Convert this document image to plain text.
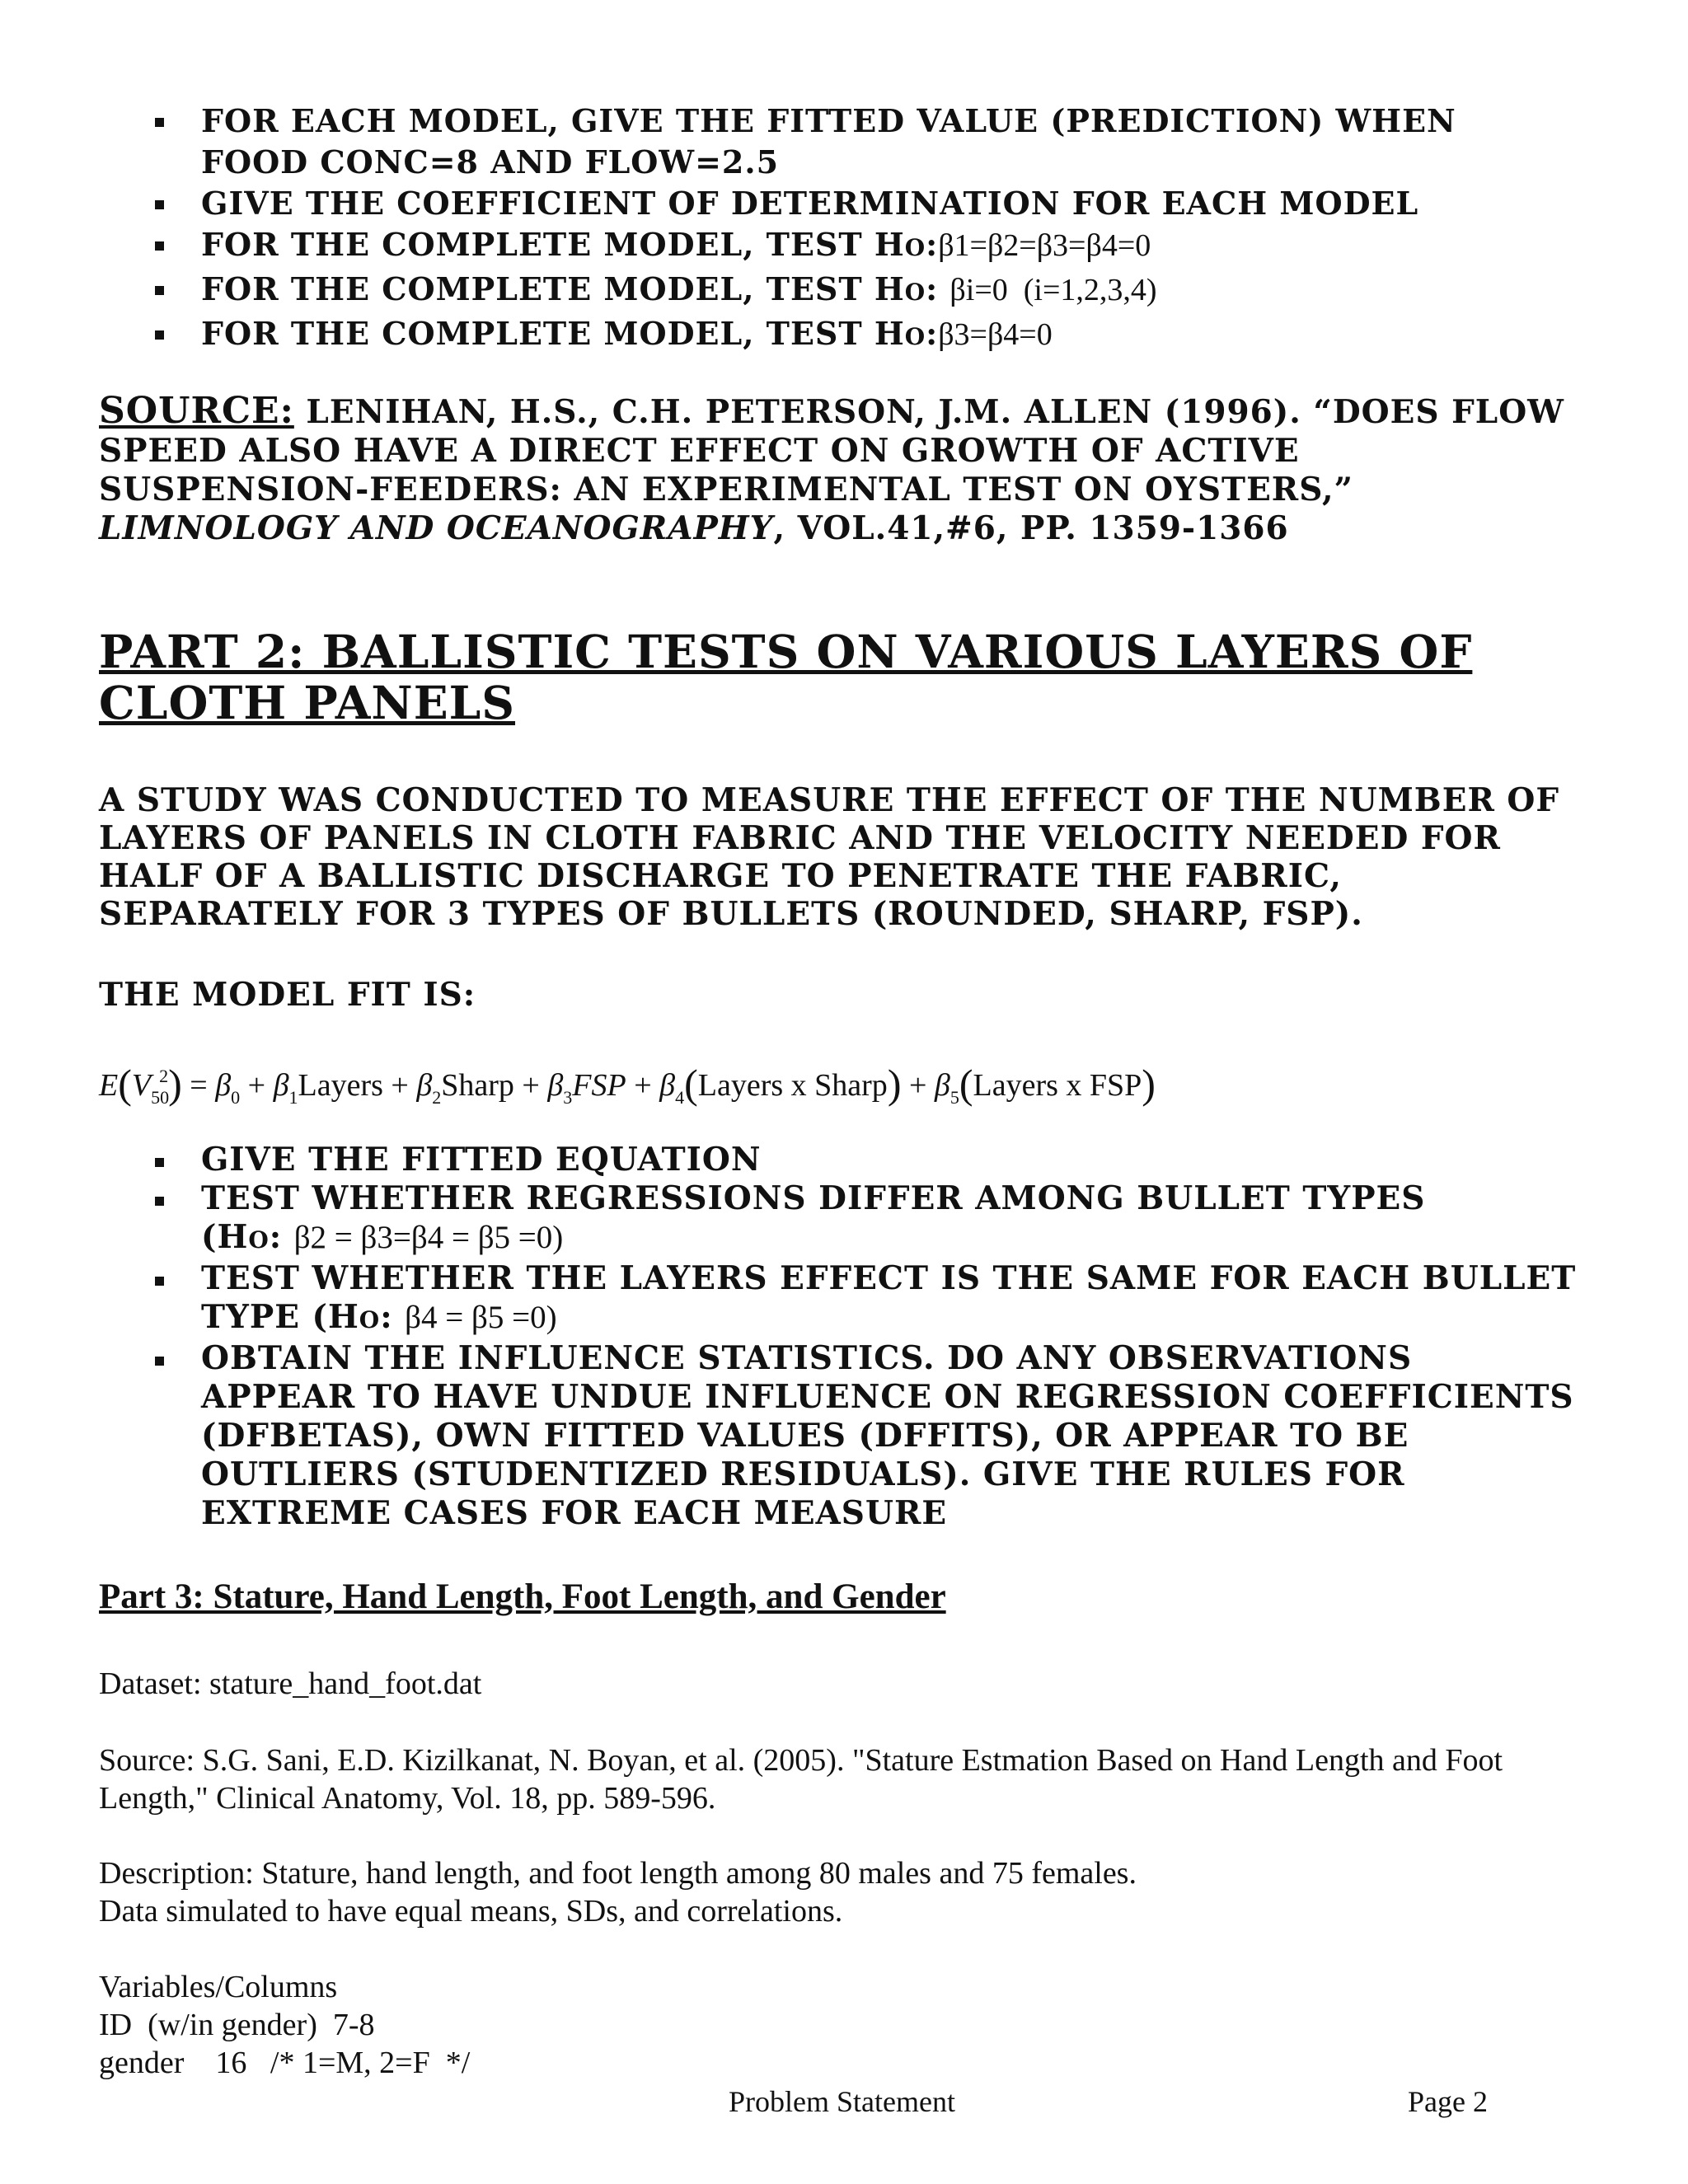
FOR EACH MODEL, GIVE THE FITTED VALUE (PREDICTION) WHEN
FOOD CONC=8 AND FLOW=2.5
GIVE THE COEFFICIENT OF DETERMINATION FOR EACH MODEL
FOR THE COMPLETE MODEL, TEST HO:β1=β2=β3=β4=0
FOR THE COMPLETE MODEL, TEST HO: βi=0  (i=1,2,3,4)
FOR THE COMPLETE MODEL, TEST HO:β3=β4=0
SOURCE: LENIHAN, H.S., C.H. PETERSON, J.M. ALLEN (1996). “DOES FLOW
SPEED ALSO HAVE A DIRECT EFFECT ON GROWTH OF ACTIVE
SUSPENSION-FEEDERS: AN EXPERIMENTAL TEST ON OYSTERS,”
LIMNOLOGY AND OCEANOGRAPHY, VOL.41,#6, PP. 1359-1366
PART 2: BALLISTIC TESTS ON VARIOUS LAYERS OF
CLOTH PANELS
A STUDY WAS CONDUCTED TO MEASURE THE EFFECT OF THE NUMBER OF
LAYERS OF PANELS IN CLOTH FABRIC AND THE VELOCITY NEEDED FOR
HALF OF A BALLISTIC DISCHARGE TO PENETRATE THE FABRIC,
SEPARATELY FOR 3 TYPES OF BULLETS (ROUNDED, SHARP, FSP).
THE MODEL FIT IS:
$E(V_{50}^2) = \beta_0$ + $\beta_1Layers$ + $\beta_2Sharp + \beta_3FSP$ + $\beta_4(Layers$ x Sharp) + $\beta_5(Layers$ x FSP)
GIVE THE FITTED EQUATION
TEST WHETHER REGRESSIONS DIFFER AMONG BULLET TYPES
(HO: β2 = β3=β4 = β5 =0)
TEST WHETHER THE LAYERS EFFECT IS THE SAME FOR EACH BULLET
TYPE (HO: β4 = β5 =0)
OBTAIN THE INFLUENCE STATISTICS. DO ANY OBSERVATIONS
APPEAR TO HAVE UNDUE INFLUENCE ON REGRESSION COEFFICIENTS
(DFBETAS), OWN FITTED VALUES (DFFITS), OR APPEAR TO BE
OUTLIERS (STUDENTIZED RESIDUALS). GIVE THE RULES FOR
EXTREME CASES FOR EACH MEASURE
Part 3: Stature, Hand Length, Foot Length, and Gender
Dataset: stature_hand_foot.dat
Source: S.G. Sani, E.D. Kizilkanat, N. Boyan, et al. (2005). "Stature Estmation Based on Hand Length and Foot
Length," Clinical Anatomy, Vol. 18, pp. 589-596.
Description: Stature, hand length, and foot length among 80 males and 75 females.
Data simulated to have equal means, SDs, and correlations.
Variables/Columns
ID  (w/in gender)  7-8
gender    16   /* 1=M, 2=F  */
Problem Statement	Page 2
